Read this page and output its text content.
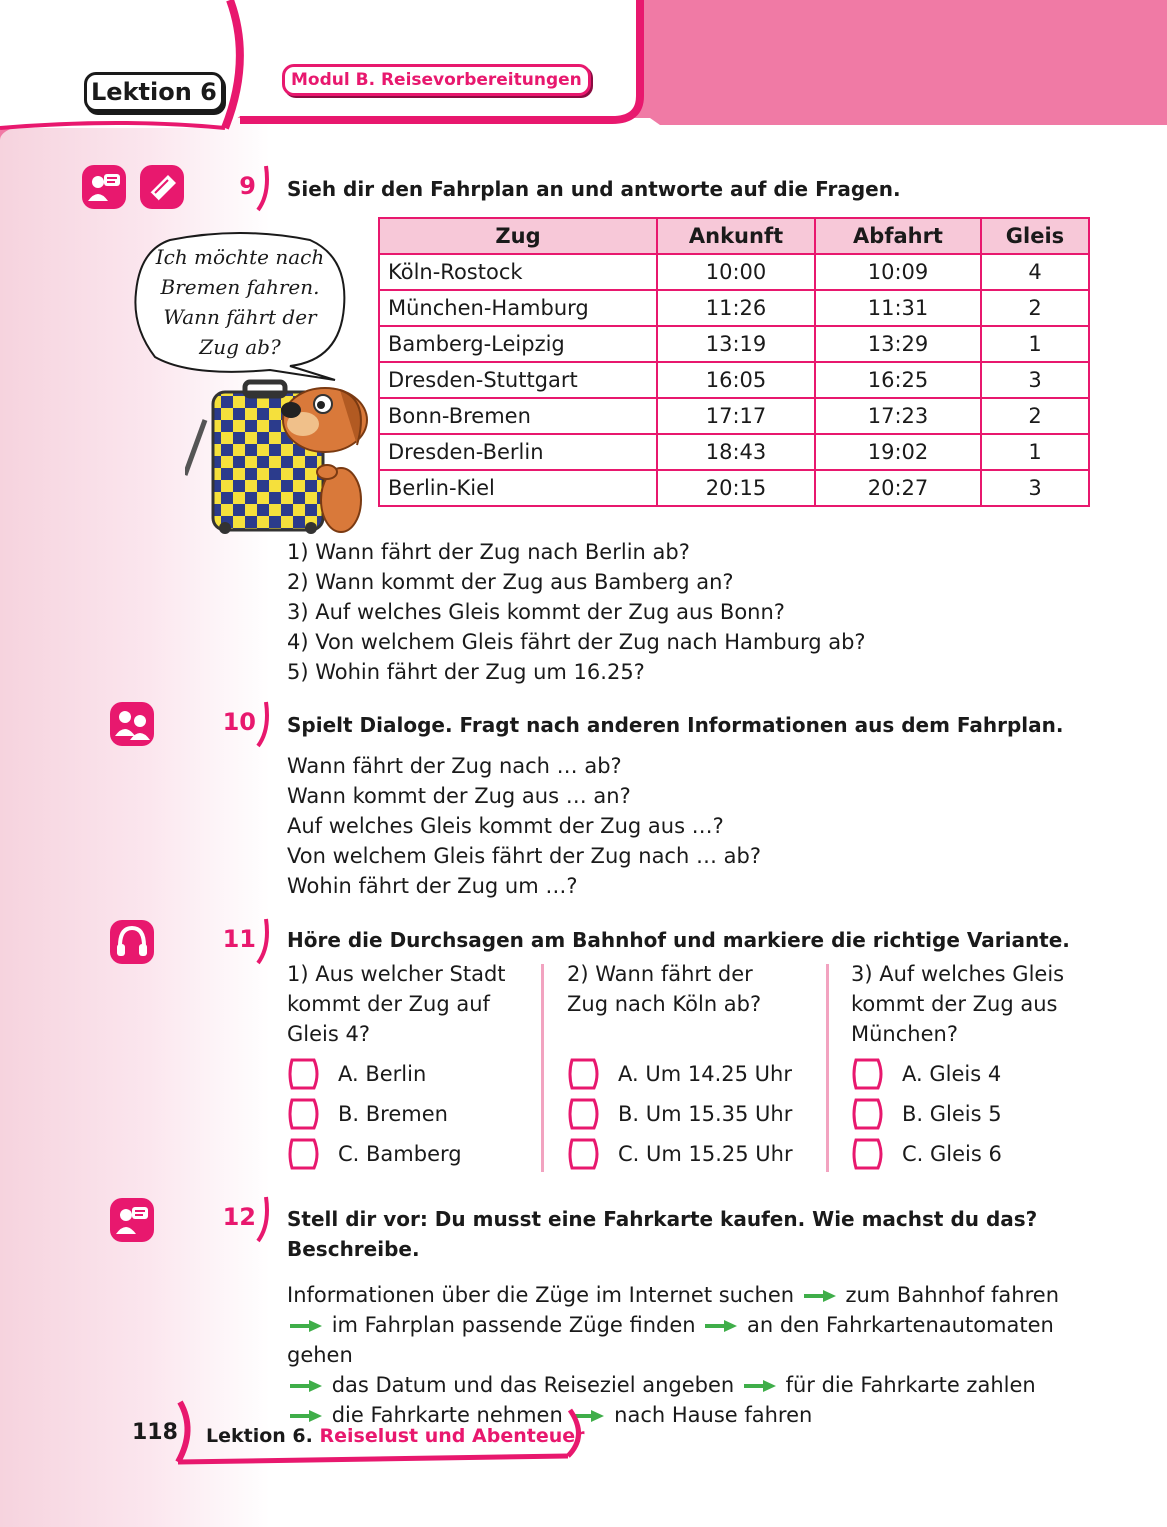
Lektion 6	Modul B. Reisevorbereitungen
9 Sieh dir den Fahrplan an und antworte auf die Fragen.
Ich möchte nach
Bremen fahren.
Wann fährt der
Zug ab?
Zug	Ankunft	Abfahrt	Gleis
Köln-Rostock	10:00	10:09	4
München-Hamburg	11:26	11:31	2
Bamberg-Leipzig	13:19	13:29	1
Dresden-Stuttgart	16:05	16:25	3
Bonn-Bremen	17:17	17:23	2
Dresden-Berlin	18:43	19:02	1
Berlin-Kiel	20:15	20:27	3
1) Wann fährt der Zug nach Berlin ab?
2) Wann kommt der Zug aus Bamberg an?
3) Auf welches Gleis kommt der Zug aus Bonn?
4) Von welchem Gleis fährt der Zug nach Hamburg ab?
5) Wohin fährt der Zug um 16.25?
10 Spielt Dialoge. Fragt nach anderen Informationen aus dem Fahrplan.
Wann fährt der Zug nach … ab?
Wann kommt der Zug aus … an?
Auf welches Gleis kommt der Zug aus …?
Von welchem Gleis fährt der Zug nach … ab?
Wohin fährt der Zug um …?
11 Höre die Durchsagen am Bahnhof und markiere die richtige Variante.
1) Aus welcher Stadt
kommt der Zug auf
Gleis 4?
2) Wann fährt der
Zug nach Köln ab?
3) Auf welches Gleis
kommt der Zug aus
München?
A. Berlin
B. Bremen
C. Bamberg
A. Um 14.25 Uhr
B. Um 15.35 Uhr
C. Um 15.25 Uhr
A. Gleis 4
B. Gleis 5
C. Gleis 6
12 Stell dir vor: Du musst eine Fahrkarte kaufen. Wie machst du das?
Beschreibe.
Informationen über die Züge im Internet suchen zum Bahnhof fahren
im Fahrplan passende Züge finden an den Fahrkartenautomaten gehen
das Datum und das Reiseziel angeben für die Fahrkarte zahlen
die Fahrkarte nehmen nach Hause fahren
118 Lektion 6. Reiselust und Abenteuer
